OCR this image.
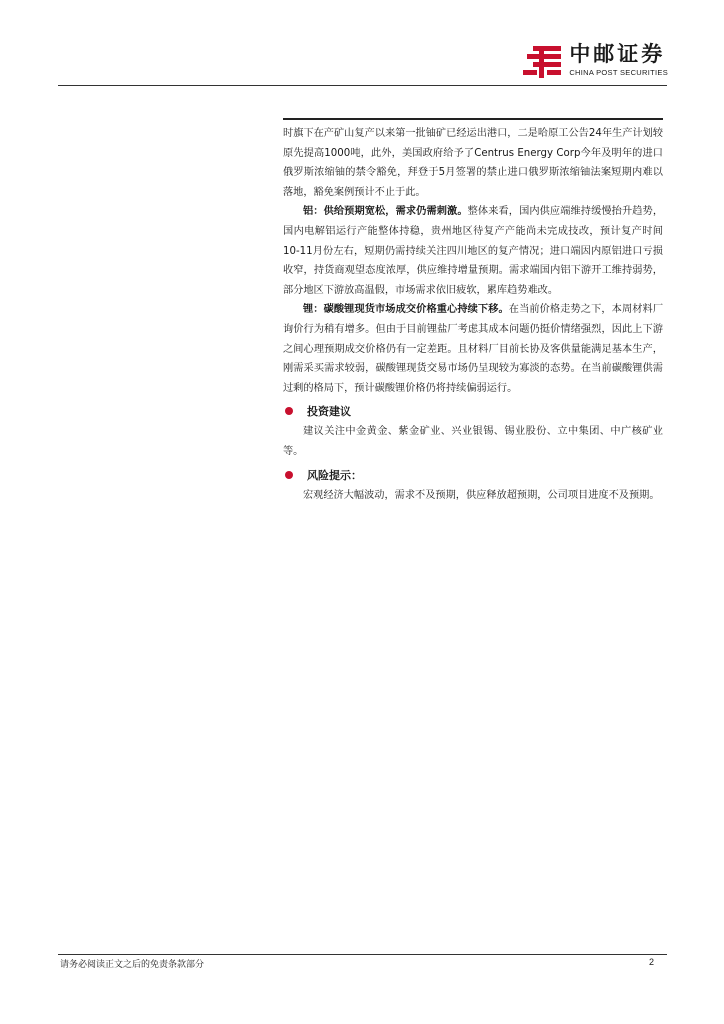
中邮证券
CHINA POST SECURITIES

时旗下在产矿山复产以来第一批铀矿已经运出港口，二是哈原工公告24年生产计划较原先提高1000吨，此外，美国政府给予了Centrus Energy Corp今年及明年的进口俄罗斯浓缩铀的禁令豁免，拜登于5月签署的禁止进口俄罗斯浓缩铀法案短期内难以落地，豁免案例预计不止于此。

铝：供给预期宽松，需求仍需刺激。整体来看，国内供应端维持缓慢抬升趋势，国内电解铝运行产能整体持稳，贵州地区待复产产能尚未完成技改，预计复产时间10-11月份左右，短期仍需持续关注四川地区的复产情况；进口端因内原铝进口亏损收窄，持货商观望态度浓厚，供应维持增量预期。需求端国内铝下游开工维持弱势，部分地区下游放高温假，市场需求依旧疲软，累库趋势难改。

锂：碳酸锂现货市场成交价格重心持续下移。在当前价格走势之下，本周材料厂询价行为稍有增多。但由于目前锂盐厂考虑其成本问题仍挺价情绪强烈，因此上下游之间心理预期成交价格仍有一定差距。且材料厂目前长协及客供量能满足基本生产，刚需采买需求较弱，碳酸锂现货交易市场仍呈现较为寡淡的态势。在当前碳酸锂供需过剩的格局下，预计碳酸锂价格仍将持续偏弱运行。

投资建议

建议关注中金黄金、紫金矿业、兴业银锡、锡业股份、立中集团、中广核矿业等。

风险提示：

宏观经济大幅波动，需求不及预期，供应释放超预期，公司项目进度不及预期。

请务必阅读正文之后的免责条款部分	2
